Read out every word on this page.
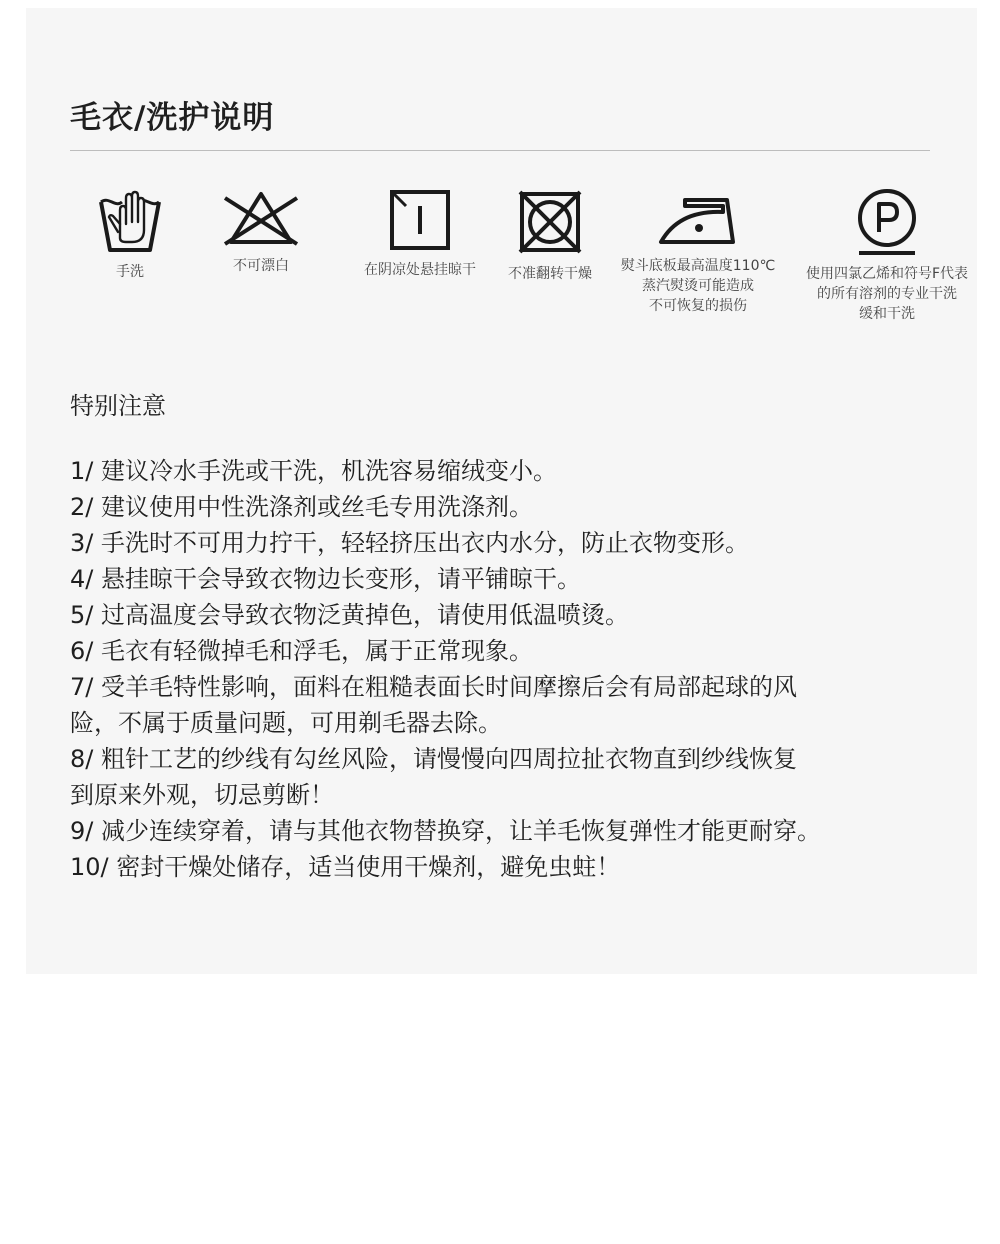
毛衣/洗护说明
手洗	不可漂白	在阴凉处悬挂晾干	不准翻转干燥	熨斗底板最高温度110℃
蒸汽熨烫可能造成
不可恢复的损伤
使用四氯乙烯和符号F代表
的所有溶剂的专业干洗
缓和干洗
特别注意
1/ 建议冷水手洗或干洗，机洗容易缩绒变小。
2/ 建议使用中性洗涤剂或丝毛专用洗涤剂。
3/ 手洗时不可用力拧干，轻轻挤压出衣内水分，防止衣物变形。
4/ 悬挂晾干会导致衣物边长变形，请平铺晾干。
5/ 过高温度会导致衣物泛黄掉色，请使用低温喷烫。
6/ 毛衣有轻微掉毛和浮毛，属于正常现象。
7/ 受羊毛特性影响，面料在粗糙表面长时间摩擦后会有局部起球的风
险，不属于质量问题，可用剃毛器去除。
8/ 粗针工艺的纱线有勾丝风险，请慢慢向四周拉扯衣物直到纱线恢复
到原来外观，切忌剪断！
9/ 减少连续穿着，请与其他衣物替换穿，让羊毛恢复弹性才能更耐穿。
10/ 密封干燥处储存，适当使用干燥剂，避免虫蛀！
